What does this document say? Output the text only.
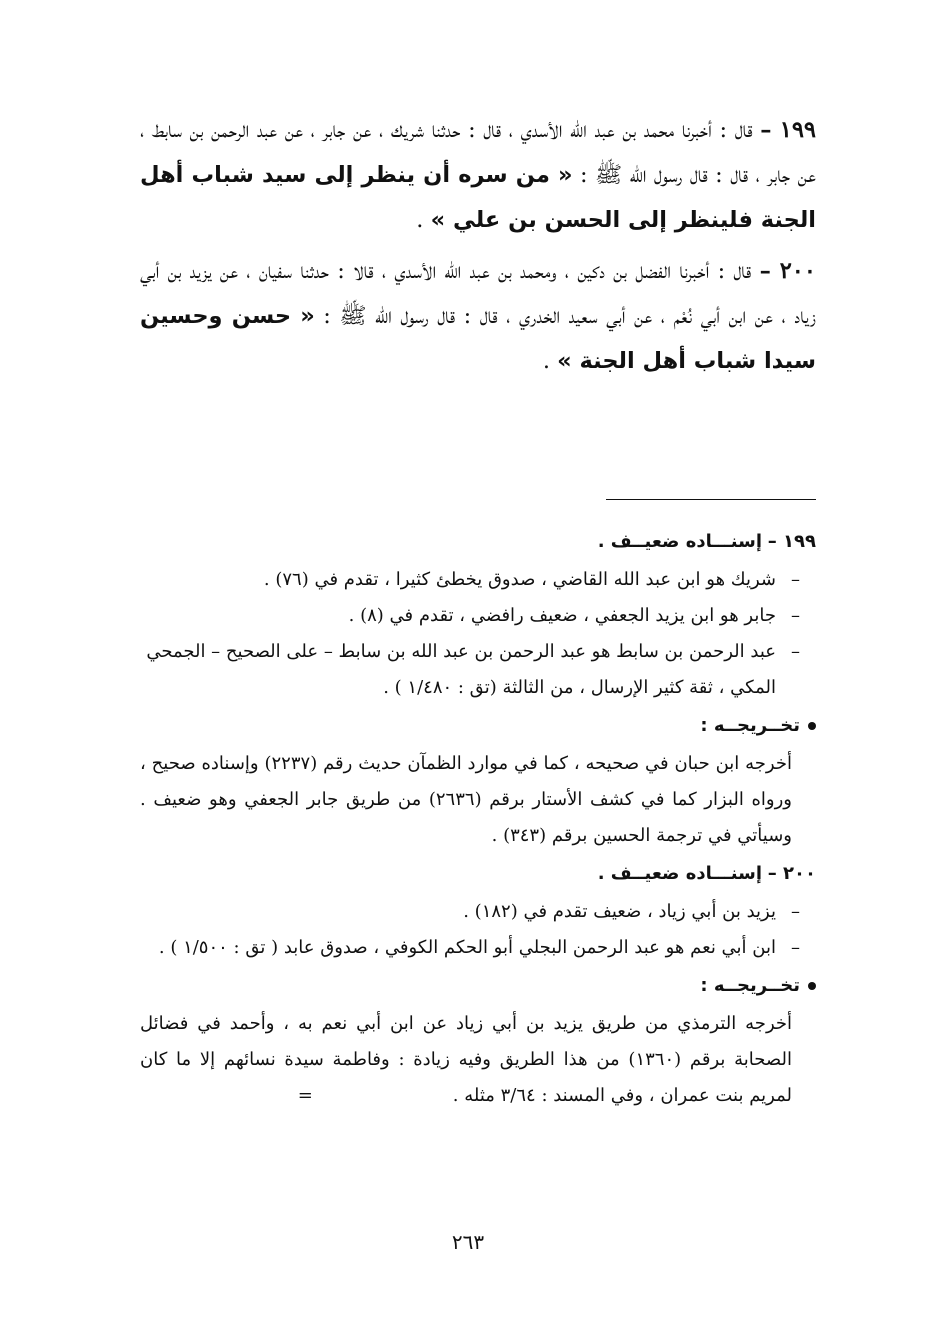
١٩٩ – قال : أخبرنا محمد بن عبد الله الأسدي ، قال : حدثنا شريك ، عن جابر ، عن عبد الرحمن بن سابط ، عن جابر ، قال : قال رسول الله ﷺ : « من سره أن ينظر إلى سيد شباب أهل الجنة فلينظر إلى الحسن بن علي » .

٢٠٠ – قال : أخبرنا الفضل بن دكين ، ومحمد بن عبد الله الأسدي ، قالا : حدثنا سفيان ، عن يزيد بن أبي زياد ، عن ابن أبي نُعْم ، عن أبي سعيد الخدري ، قال : قال رسول الله ﷺ : « حسن وحسين سيدا شباب أهل الجنة » .

١٩٩ – إسنـــاده ضعيــف .

–
شريك هو ابن عبد الله القاضي ، صدوق يخطئ كثيرا ، تقدم في (٧٦) .
–
جابر هو ابن يزيد الجعفي ، ضعيف رافضي ، تقدم في (٨) .
–
عبد الرحمن بن سابط هو عبد الرحمن بن عبد الله بن سابط – على الصحيح – الجمحي المكي ، ثقة كثير الإرسال ، من الثالثة (تق : ١/٤٨٠ ) .

تخــريجــه :

أخرجه ابن حبان في صحيحه ، كما في موارد الظمآن حديث رقم (٢٢٣٧) وإسناده صحيح ، ورواه البزار كما في كشف الأستار برقم (٢٦٣٦) من طريق جابر الجعفي وهو ضعيف . وسيأتي في ترجمة الحسين برقم (٣٤٣) .

٢٠٠ – إسنـــاده ضعيــف .

–
يزيد بن أبي زياد ، ضعيف تقدم في (١٨٢) .
–
ابن أبي نعم هو عبد الرحمن البجلي أبو الحكم الكوفي ، صدوق عابد ( تق : ١/٥٠٠ ) .

تخــريجــه :

أخرجه الترمذي من طريق يزيد بن أبي زياد عن ابن أبي نعم به ، وأحمد في فضائل الصحابة برقم (١٣٦٠) من هذا الطريق وفيه زيادة : وفاطمة سيدة نسائهم إلا ما كان لمريم بنت عمران ، وفي المسند : ٣/٦٤ مثله .=

٢٦٣
